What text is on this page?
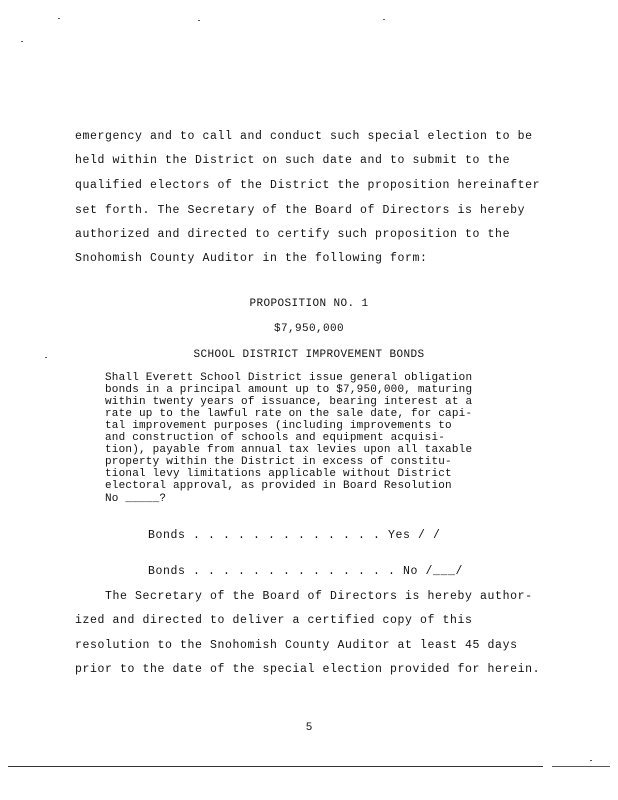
emergency and to call and conduct such special election to be
held within the District on such date and to submit to the
qualified electors of the District the proposition hereinafter
set forth. The Secretary of the Board of Directors is hereby
authorized and directed to certify such proposition to the
Snohomish County Auditor in the following form:
PROPOSITION NO. 1
$7,950,000
SCHOOL DISTRICT IMPROVEMENT BONDS
Shall Everett School District issue general obligation
bonds in a principal amount up to $7,950,000, maturing
within twenty years of issuance, bearing interest at a
rate up to the lawful rate on the sale date, for capi-
tal improvement purposes (including improvements to
and construction of schools and equipment acquisi-
tion), payable from annual tax levies upon all taxable
property within the District in excess of constitu-
tional levy limitations applicable without District
electoral approval, as provided in Board Resolution
No _____?
Bonds . . . . . . . . . . . . . Yes / /
Bonds . . . . . . . . . . . . . . No /___/
The Secretary of the Board of Directors is hereby author-
ized and directed to deliver a certified copy of this
resolution to the Snohomish County Auditor at least 45 days
prior to the date of the special election provided for herein.
5
